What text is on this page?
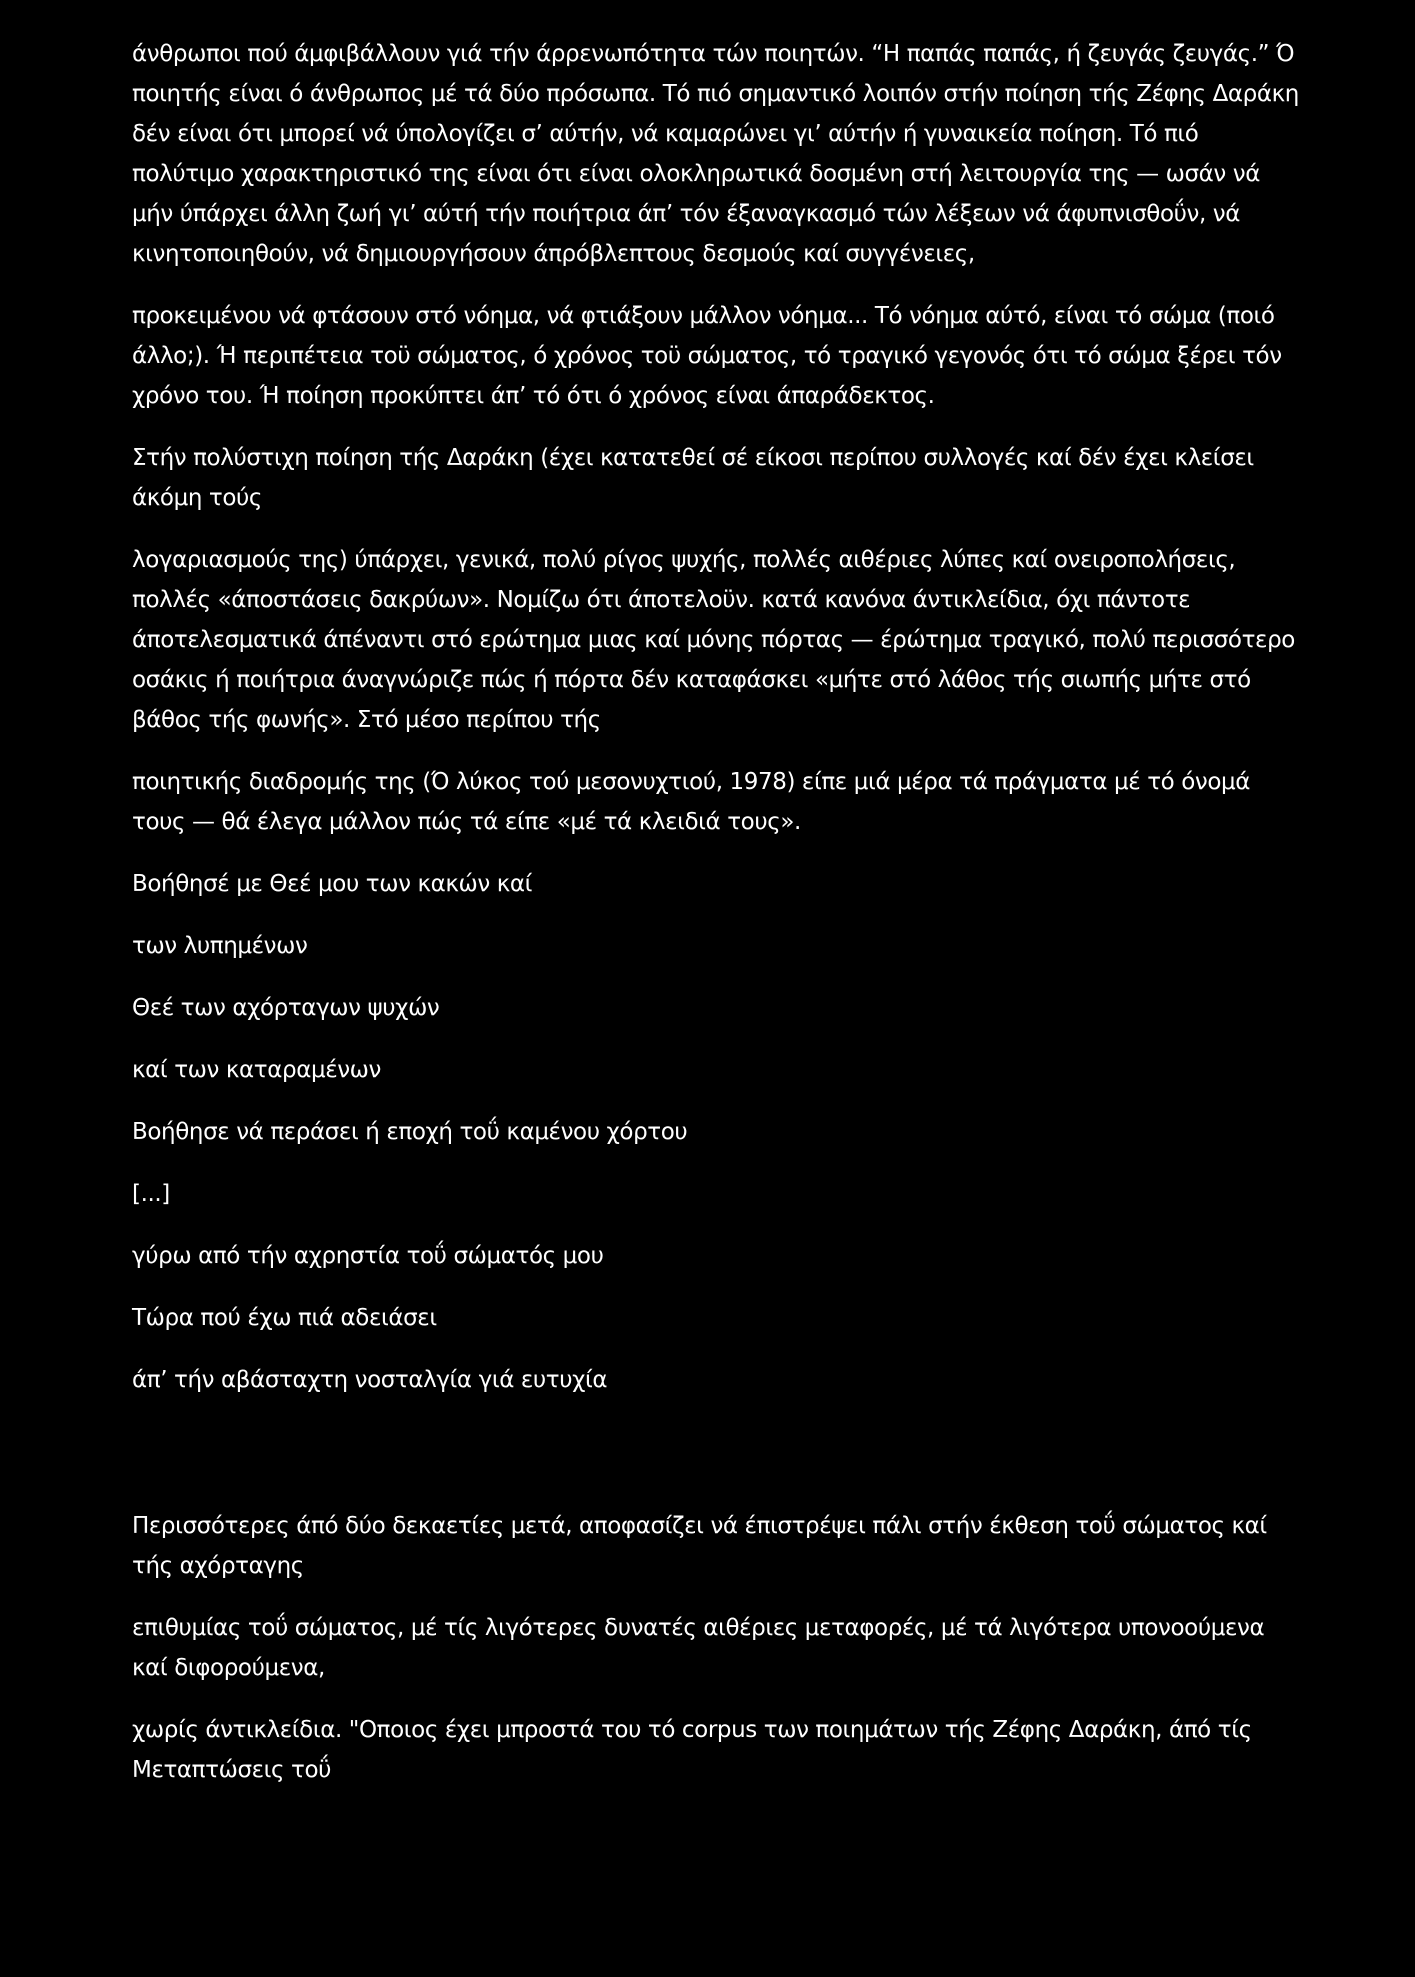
άνθρωποι πού άμφιβάλλουν γιά τήν άρρενωπότητα τών ποιητών. “Η παπάς παπάς, ή ζευγάς ζευγάς.” Ό ποιητής είναι ό άνθρωπος μέ τά δύο πρόσωπα. Τό πιό σημαντικό λοιπόν στήν ποίηση τής Ζέφης Δαράκη δέν είναι ότι μπορεί νά ύπολογίζει σ’ αύτήν, νά καμαρώνει γι’ αύτήν ή γυναικεία ποίηση. Τό πιό πολύτιμο χαρακτηριστικό της είναι ότι είναι ολοκληρωτικά δοσμένη στή λειτουργία της — ωσάν νά μήν ύπάρχει άλλη ζωή γι’ αύτή τήν ποιήτρια άπ’ τόν έξαναγκασμό τών λέξεων νά άφυπνισθοΰν, νά κινητοποιηθούν, νά δημιουργήσουν άπρόβλεπτους δεσμούς καί συγγένειες,

προκειμένου νά φτάσουν στό νόημα, νά φτιάξουν μάλλον νόημα... Τό νόημα αύτό, είναι τό σώμα (ποιό άλλο;). Ή περιπέτεια τοϋ σώματος, ό χρόνος τοϋ σώματος, τό τραγικό γεγονός ότι τό σώμα ξέρει τόν χρόνο του. Ή ποίηση προκύπτει άπ’ τό ότι ό χρόνος είναι άπαράδεκτος.

Στήν πολύστιχη ποίηση τής Δαράκη (έχει κατατεθεί σέ είκοσι περίπου συλλογές καί δέν έχει κλείσει άκόμη τούς

λογαριασμούς της) ύπάρχει, γενικά, πολύ ρίγος ψυχής, πολλές αιθέριες λύπες καί ονειροπολήσεις, πολλές «άποστάσεις δακρύων». Νομίζω ότι άποτελοϋν. κατά κανόνα άντικλείδια, όχι πάντοτε άποτελεσματικά άπέναντι στό ερώτημα μιας καί μόνης πόρτας — έρώτημα τραγικό, πολύ περισσότερο οσάκις ή ποιήτρια άναγνώριζε πώς ή πόρτα δέν καταφάσκει «μήτε στό λάθος τής σιωπής μήτε στό βάθος τής φωνής». Στό μέσο περίπου τής

ποιητικής διαδρομής της (Ό λύκος τού μεσονυχτιού, 1978) είπε μιά μέρα τά πράγματα μέ τό όνομά τους — θά έλεγα μάλλον πώς τά είπε «μέ τά κλειδιά τους».

Βοήθησέ με Θεέ μου των κακών καί

των λυπημένων

Θεέ των αχόρταγων ψυχών

καί των καταραμένων

Βοήθησε νά περάσει ή εποχή τοΰ καμένου χόρτου

[...]

γύρω από τήν αχρηστία τοΰ σώματός μου

Τώρα πού έχω πιά αδειάσει

άπ’ τήν αβάσταχτη νοσταλγία γιά ευτυχία

Περισσότερες άπό δύο δεκαετίες μετά, αποφασίζει νά έπιστρέψει πάλι στήν έκθεση τοΰ σώματος καί τής αχόρταγης

επιθυμίας τοΰ σώματος, μέ τίς λιγότερες δυνατές αιθέριες μεταφορές, μέ τά λιγότερα υπονοούμενα καί διφορούμενα,

χωρίς άντικλείδια. "Οποιος έχει μπροστά του τό corpus των ποιημάτων τής Ζέφης Δαράκη, άπό τίς Μεταπτώσεις τοΰ
